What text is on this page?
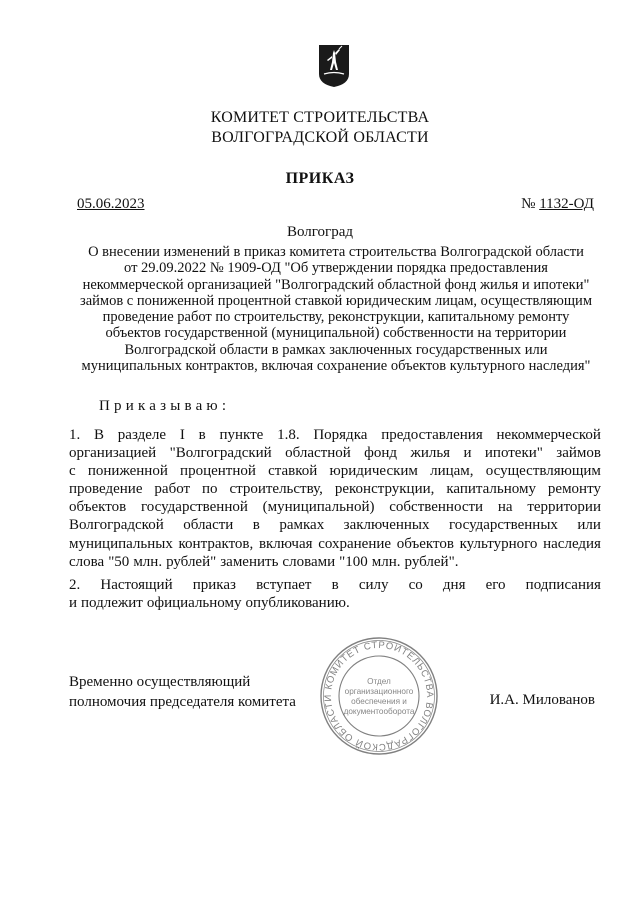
КОМИТЕТ СТРОИТЕЛЬСТВА
ВОЛГОГРАДСКОЙ ОБЛАСТИ
ПРИКАЗ
05.06.2023	№ 1132-ОД
Волгоград
О внесении изменений в приказ комитета строительства Волгоградской области
от 29.09.2022 № 1909-ОД "Об утверждении порядка предоставления
некоммерческой организацией "Волгоградский областной фонд жилья и ипотеки"
займов с пониженной процентной ставкой юридическим лицам, осуществляющим
проведение работ по строительству, реконструкции, капитальному ремонту
объектов государственной (муниципальной) собственности на территории
Волгоградской области в рамках заключенных государственных или
муниципальных контрактов, включая сохранение объектов культурного наследия"
Приказываю:
1. В разделе I в пункте 1.8. Порядка предоставления некоммерческой
организацией "Волгоградский областной фонд жилья и ипотеки" займов
с пониженной процентной ставкой юридическим лицам, осуществляющим
проведение работ по строительству, реконструкции, капитальному ремонту
объектов государственной (муниципальной) собственности на территории
Волгоградской области в рамках заключенных государственных или
муниципальных контрактов, включая сохранение объектов культурного наследия
слова "50 млн. рублей" заменить словами "100 млн. рублей".
2. Настоящий приказ вступает в силу со дня его подписания
и подлежит официальному опубликованию.
Временно осуществляющий
полномочия председателя комитета	И.А. Милованов
КОМИТЕТ СТРОИТЕЛЬСТВА ВОЛГОГРАДСКОЙ ОБЛАСТИ
Отдел
организационного
обеспечения и
документооборота
